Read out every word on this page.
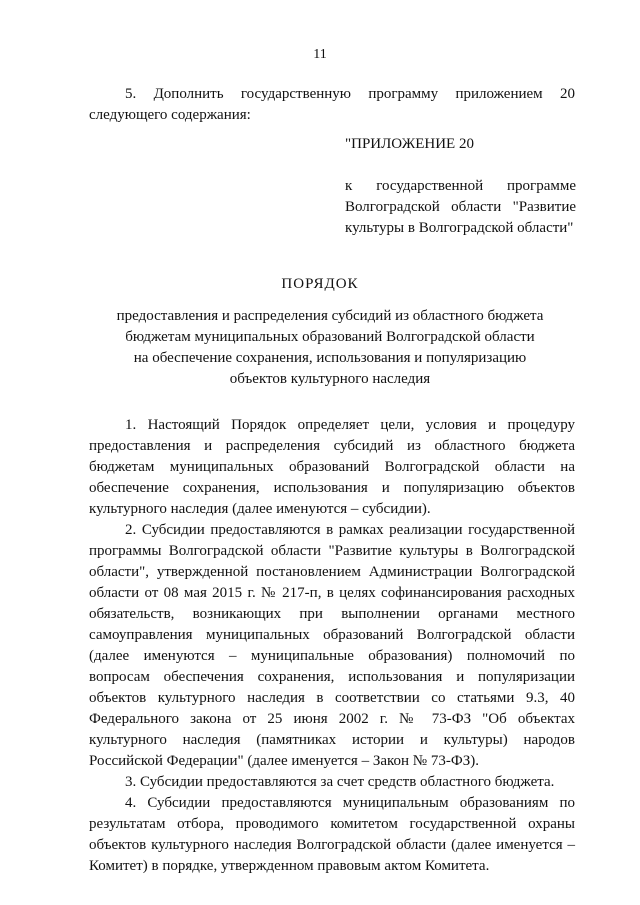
11
5. Дополнить государственную программу приложением 20
следующего содержания:
"ПРИЛОЖЕНИЕ 20
к государственной программе Волгоградской области "Развитие культуры в Волгоградской области"
ПОРЯДОК
предоставления и распределения субсидий из областного бюджета
бюджетам муниципальных образований Волгоградской области
на обеспечение сохранения, использования и популяризацию
объектов культурного наследия

1. Настоящий Порядок определяет цели, условия и процедуру предоставления и распределения субсидий из областного бюджета бюджетам муниципальных образований Волгоградской области на обеспечение сохранения, использования и популяризацию объектов культурного наследия (далее именуются – субсидии).

2. Субсидии предоставляются в рамках реализации государственной программы Волгоградской области "Развитие культуры в Волгоградской области", утвержденной постановлением Администрации Волгоградской области от 08 мая 2015 г. № 217-п, в целях софинансирования расходных обязательств, возникающих при выполнении органами местного самоуправления муниципальных образований Волгоградской области (далее именуются – муниципальные образования) полномочий по вопросам обеспечения сохранения, использования и популяризации объектов культурного наследия в соответствии со статьями 9.3, 40 Федерального закона от 25 июня 2002 г. № 73-ФЗ "Об объектах культурного наследия (памятниках истории и культуры) народов Российской Федерации" (далее именуется – Закон № 73-ФЗ).

3. Субсидии предоставляются за счет средств областного бюджета.

4. Субсидии предоставляются муниципальным образованиям по результатам отбора, проводимого комитетом государственной охраны объектов культурного наследия Волгоградской области (далее именуется – Комитет) в порядке, утвержденном правовым актом Комитета.
